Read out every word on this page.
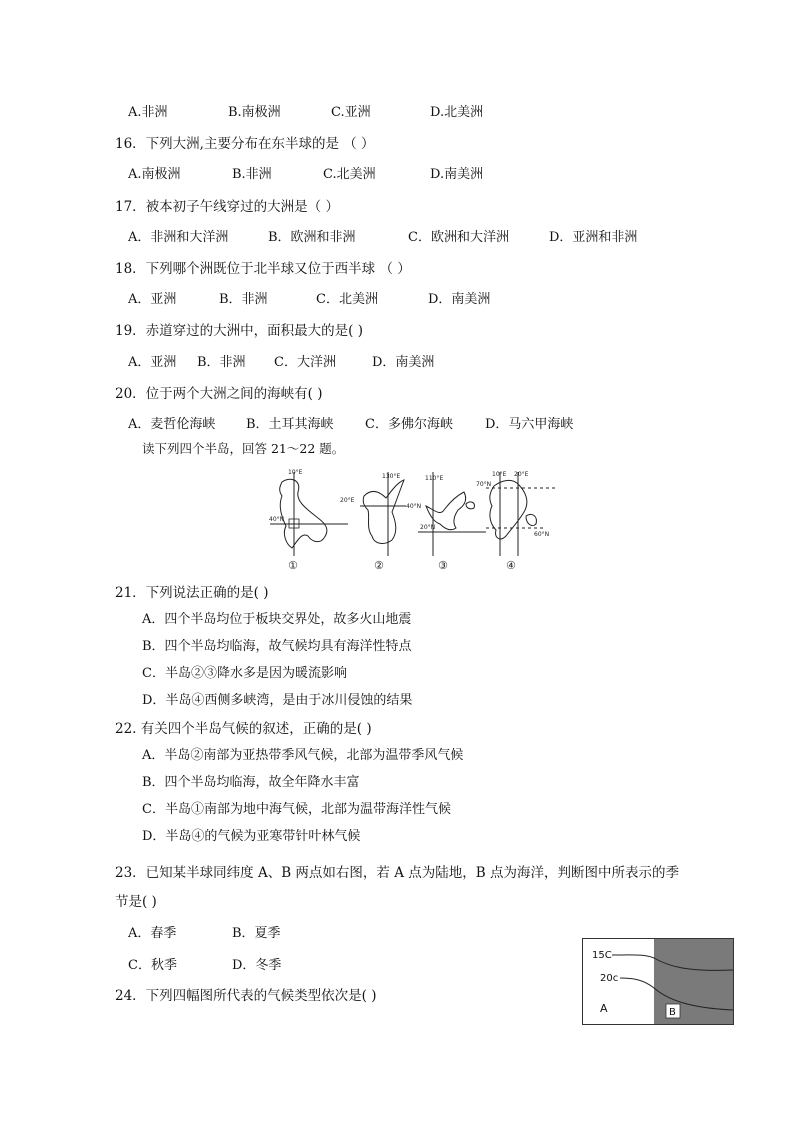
A.非洲	B.南极洲	C.亚洲	D.北美洲
16．下列大洲,主要分布在东半球的是 （ ）
A.南极洲	B.非洲	C.北美洲	D.南美洲
17．被本初子午线穿过的大洲是（ ）
A．非洲和大洋洲	B．欧洲和非洲	C．欧洲和大洋洲	D．亚洲和非洲
18．下列哪个洲既位于北半球又位于西半球 （ ）
A．亚洲	B．非洲	C．北美洲	D．南美洲
19．赤道穿过的大洲中，面积最大的是( )
A．亚洲 B．非洲 C．大洋洲	D．南美洲
20．位于两个大洲之间的海峡有( )
A．麦哲伦海峡 B．土耳其海峡 C．多佛尔海峡 D．马六甲海峡
读下列四个半岛，回答 21～22 题。
10°E
40°N
20°E
130°E
40°N
110°E
20°N
70°N
10°E 20°E
60°N
①	②	③	④
21．下列说法正确的是( )
A．四个半岛均位于板块交界处，故多火山地震
B．四个半岛均临海，故气候均具有海洋性特点
C．半岛②③降水多是因为暖流影响
D．半岛④西侧多峡湾，是由于冰川侵蚀的结果
22. 有关四个半岛气候的叙述，正确的是( )
A．半岛②南部为亚热带季风气候，北部为温带季风气候
B．四个半岛均临海，故全年降水丰富
C．半岛①南部为地中海气候，北部为温带海洋性气候
D．半岛④的气候为亚寒带针叶林气候
23．已知某半球同纬度 A、B 两点如右图，若 A 点为陆地，B 点为海洋，判断图中所表示的季
节是( )
A．春季	B．夏季
C．秋季	D．冬季
15C
20c
A	B
24．下列四幅图所代表的气候类型依次是( )
